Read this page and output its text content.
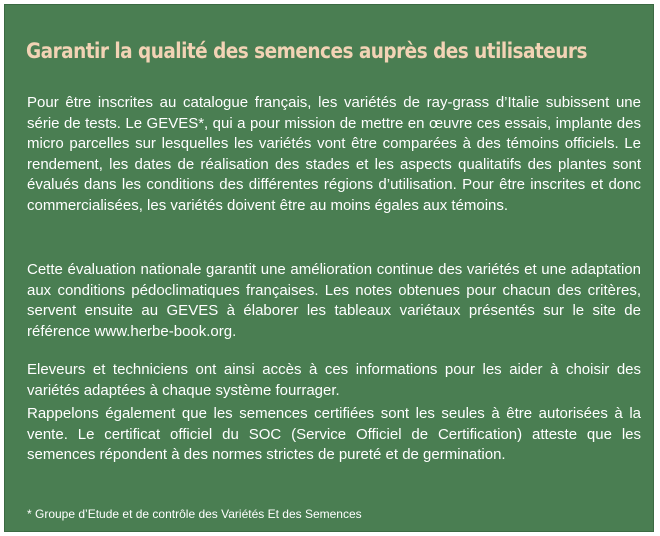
Garantir la qualité des semences auprès des utilisateurs

Pour être inscrites au catalogue français, les variétés de ray-grass d’Italie subissent une série de tests. Le GEVES*, qui a pour mission de mettre en œuvre ces essais, implante des micro parcelles sur lesquelles les variétés vont être comparées à des témoins officiels. Le rendement, les dates de réalisation des stades et les aspects qualitatifs des plantes sont évalués dans les conditions des différentes régions d’utilisation. Pour être inscrites et donc commercialisées, les variétés doivent être au moins égales aux témoins.

Cette évaluation nationale garantit une amélioration continue des variétés et une adaptation aux conditions pédoclimatiques françaises. Les notes obtenues pour chacun des critères, servent ensuite au GEVES à élaborer les tableaux variétaux présentés sur le site de référence www.herbe-book.org.

Eleveurs et techniciens ont ainsi accès à ces informations pour les aider à choisir des variétés adaptées à chaque système fourrager.

Rappelons également que les semences certifiées sont les seules à être autorisées à la vente. Le certificat officiel du SOC (Service Officiel de Certification) atteste que les semences répondent à des normes strictes de pureté et de germination.

* Groupe d’Etude et de contrôle des Variétés Et des Semences
